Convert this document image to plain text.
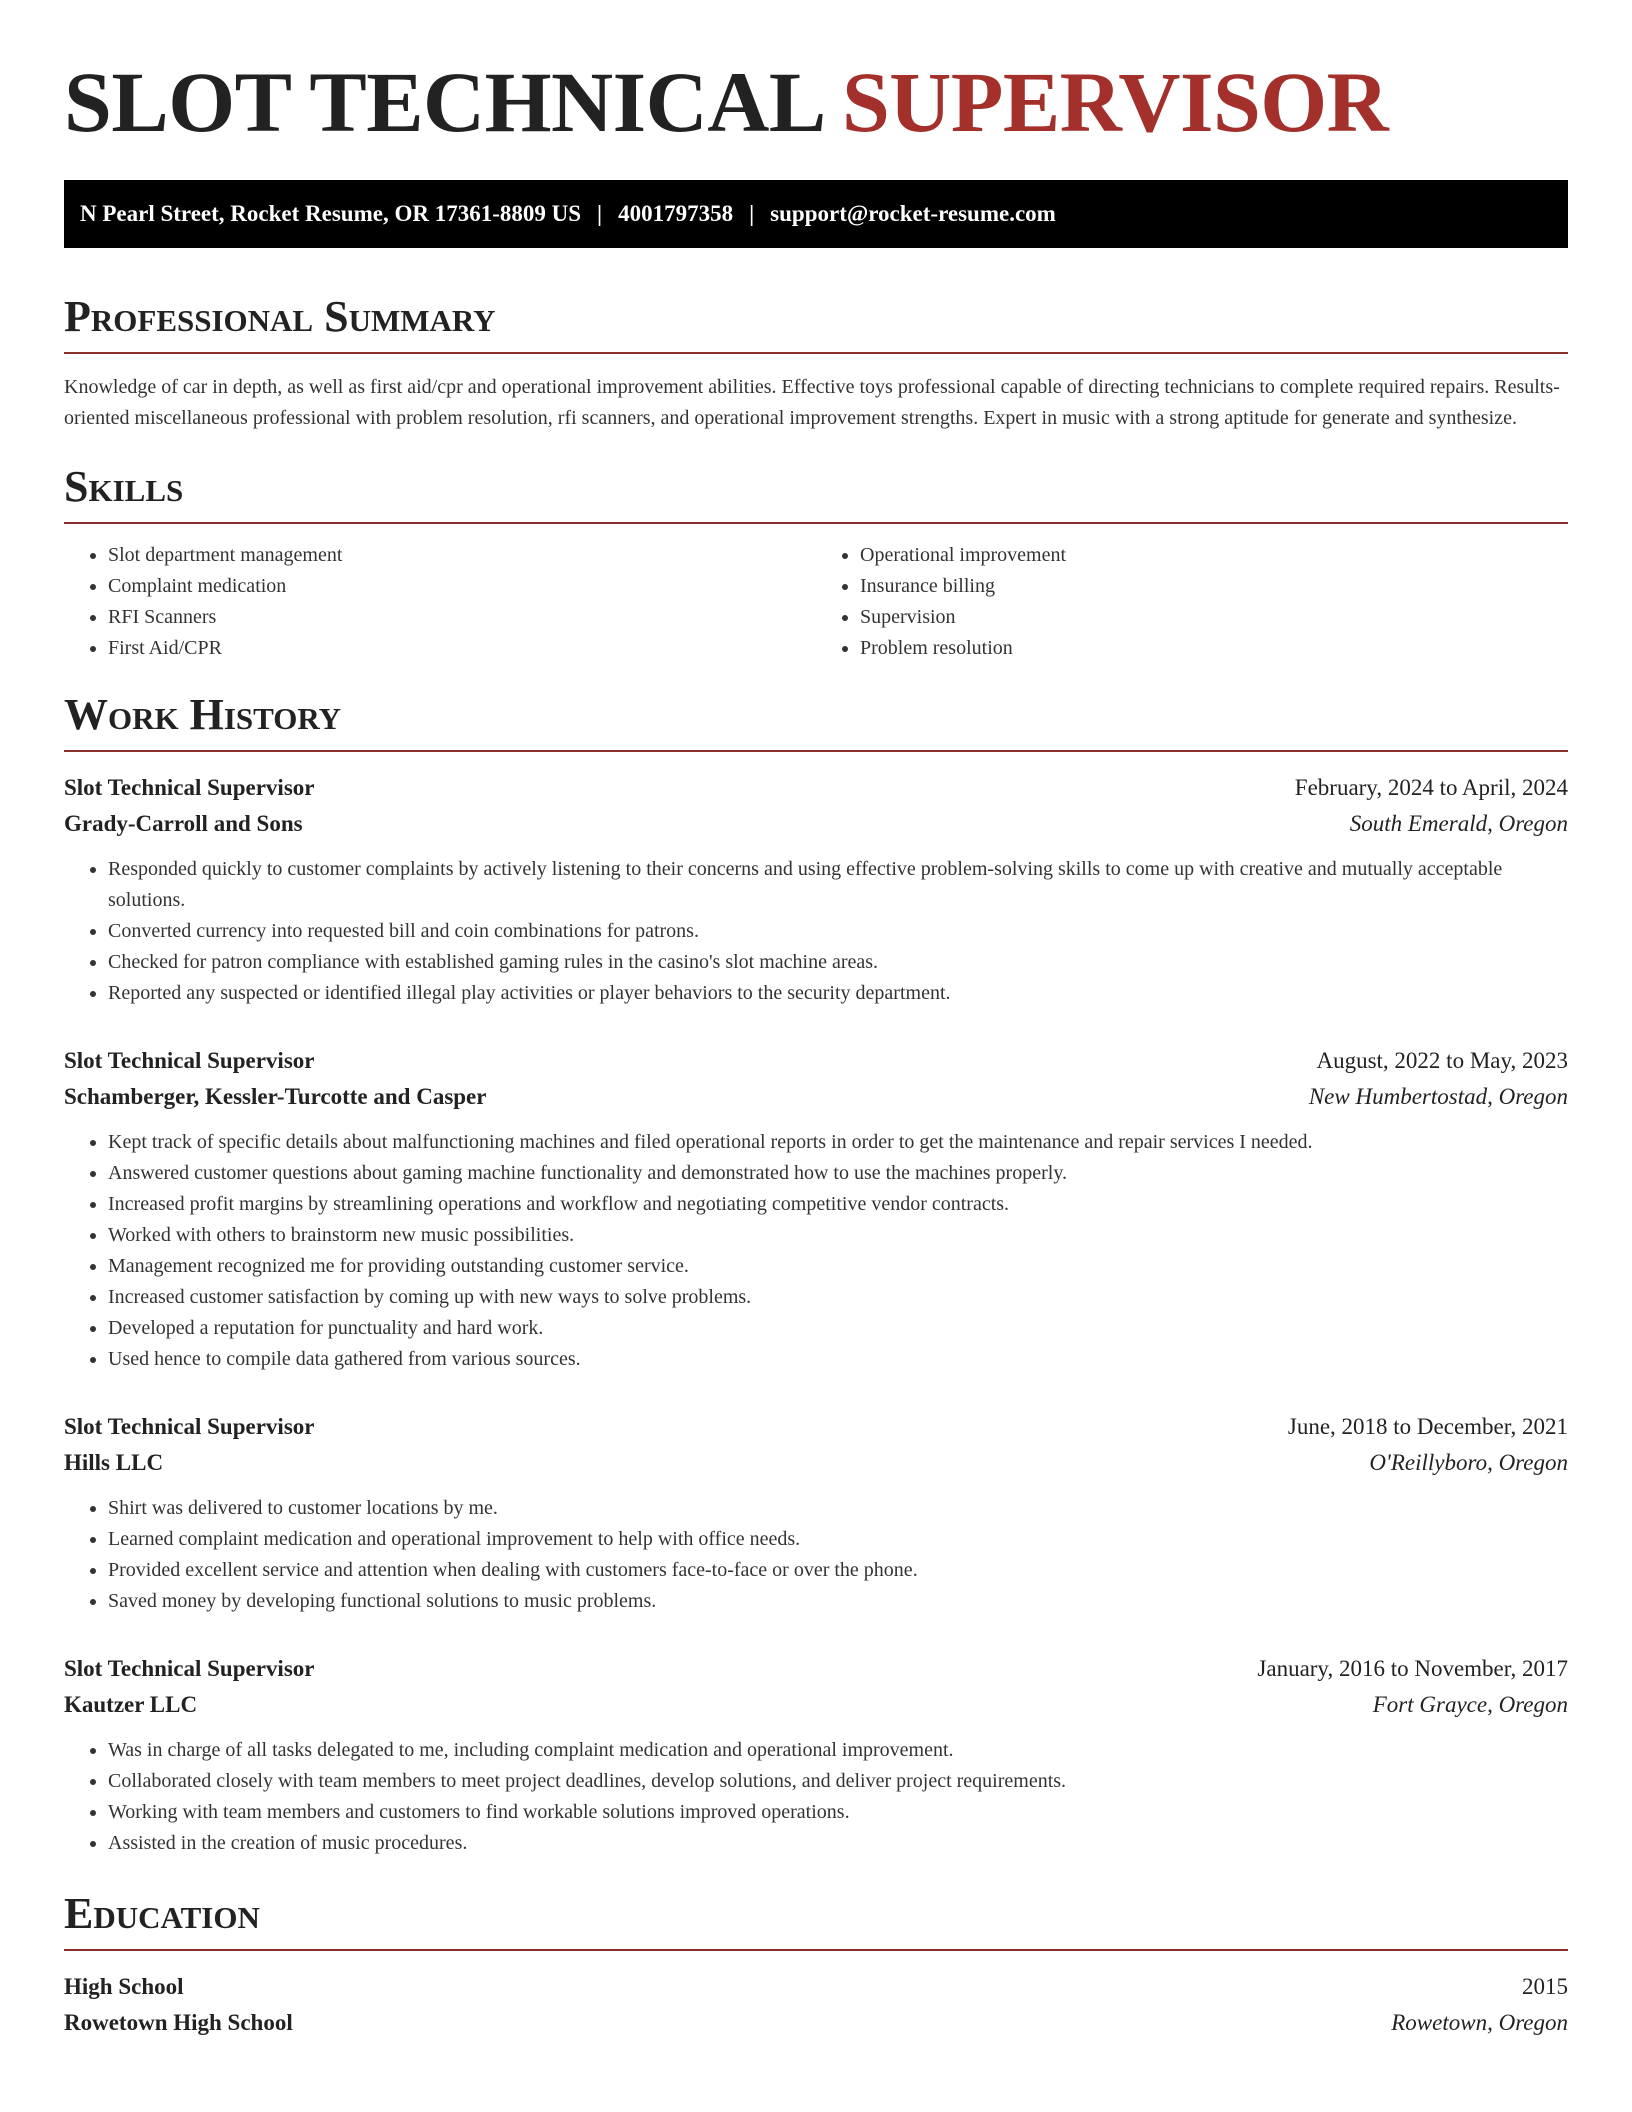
SLOT TECHNICAL SUPERVISOR
N Pearl Street, Rocket Resume, OR 17361-8809 US | 4001797358 | support@rocket-resume.com
Professional Summary

Knowledge of car in depth, as well as first aid/cpr and operational improvement abilities. Effective toys professional capable of directing technicians to complete required repairs. Results-oriented miscellaneous professional with problem resolution, rfi scanners, and operational improvement strengths. Expert in music with a strong aptitude for generate and synthesize.

Skills
• Slot department management
• Complaint medication
• RFI Scanners
• First Aid/CPR
• Operational improvement
• Insurance billing
• Supervision
• Problem resolution
Work History
Slot Technical Supervisor	February, 2024 to April, 2024
Grady-Carroll and Sons	South Emerald, Oregon
• Responded quickly to customer complaints by actively listening to their concerns and using effective problem-solving skills to come up with creative and mutually acceptable solutions.
• Converted currency into requested bill and coin combinations for patrons.
• Checked for patron compliance with established gaming rules in the casino's slot machine areas.
• Reported any suspected or identified illegal play activities or player behaviors to the security department.
Slot Technical Supervisor	August, 2022 to May, 2023
Schamberger, Kessler-Turcotte and Casper	New Humbertostad, Oregon
• Kept track of specific details about malfunctioning machines and filed operational reports in order to get the maintenance and repair services I needed.
• Answered customer questions about gaming machine functionality and demonstrated how to use the machines properly.
• Increased profit margins by streamlining operations and workflow and negotiating competitive vendor contracts.
• Worked with others to brainstorm new music possibilities.
• Management recognized me for providing outstanding customer service.
• Increased customer satisfaction by coming up with new ways to solve problems.
• Developed a reputation for punctuality and hard work.
• Used hence to compile data gathered from various sources.
Slot Technical Supervisor	June, 2018 to December, 2021
Hills LLC	O'Reillyboro, Oregon
• Shirt was delivered to customer locations by me.
• Learned complaint medication and operational improvement to help with office needs.
• Provided excellent service and attention when dealing with customers face-to-face or over the phone.
• Saved money by developing functional solutions to music problems.
Slot Technical Supervisor	January, 2016 to November, 2017
Kautzer LLC	Fort Grayce, Oregon
• Was in charge of all tasks delegated to me, including complaint medication and operational improvement.
• Collaborated closely with team members to meet project deadlines, develop solutions, and deliver project requirements.
• Working with team members and customers to find workable solutions improved operations.
• Assisted in the creation of music procedures.
Education
High School	2015
Rowetown High School	Rowetown, Oregon
